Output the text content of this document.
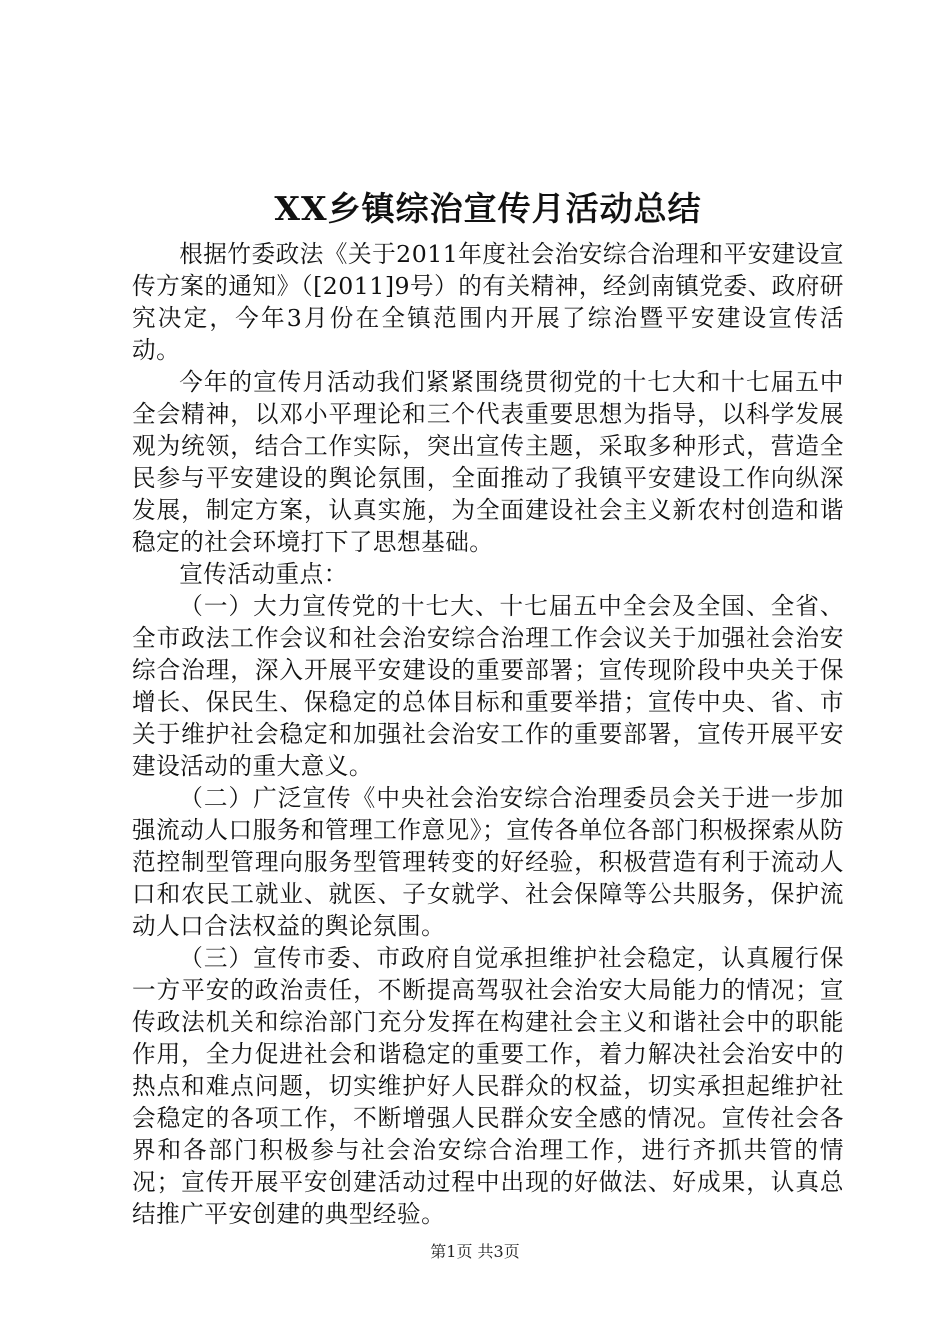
XX乡镇综治宣传月活动总结

根据竹委政法《关于2011年度社会治安综合治理和平安建设宣传方案的通知》（[2011]9号）的有关精神，经剑南镇党委、政府研究决定，今年3月份在全镇范围内开展了综治暨平安建设宣传活动。

今年的宣传月活动我们紧紧围绕贯彻党的十七大和十七届五中全会精神，以邓小平理论和三个代表重要思想为指导，以科学发展观为统领，结合工作实际，突出宣传主题，采取多种形式，营造全民参与平安建设的舆论氛围，全面推动了我镇平安建设工作向纵深发展，制定方案，认真实施，为全面建设社会主义新农村创造和谐稳定的社会环境打下了思想基础。

宣传活动重点：

（一）大力宣传党的十七大、十七届五中全会及全国、全省、全市政法工作会议和社会治安综合治理工作会议关于加强社会治安综合治理，深入开展平安建设的重要部署；宣传现阶段中央关于保增长、保民生、保稳定的总体目标和重要举措；宣传中央、省、市关于维护社会稳定和加强社会治安工作的重要部署，宣传开展平安建设活动的重大意义。

（二）广泛宣传《中央社会治安综合治理委员会关于进一步加强流动人口服务和管理工作意见》；宣传各单位各部门积极探索从防范控制型管理向服务型管理转变的好经验，积极营造有利于流动人口和农民工就业、就医、子女就学、社会保障等公共服务，保护流动人口合法权益的舆论氛围。

（三）宣传市委、市政府自觉承担维护社会稳定，认真履行保一方平安的政治责任，不断提高驾驭社会治安大局能力的情况；宣传政法机关和综治部门充分发挥在构建社会主义和谐社会中的职能作用，全力促进社会和谐稳定的重要工作，着力解决社会治安中的热点和难点问题，切实维护好人民群众的权益，切实承担起维护社会稳定的各项工作，不断增强人民群众安全感的情况。宣传社会各界和各部门积极参与社会治安综合治理工作，进行齐抓共管的情况；宣传开展平安创建活动过程中出现的好做法、好成果，认真总结推广平安创建的典型经验。

第1页 共3页
